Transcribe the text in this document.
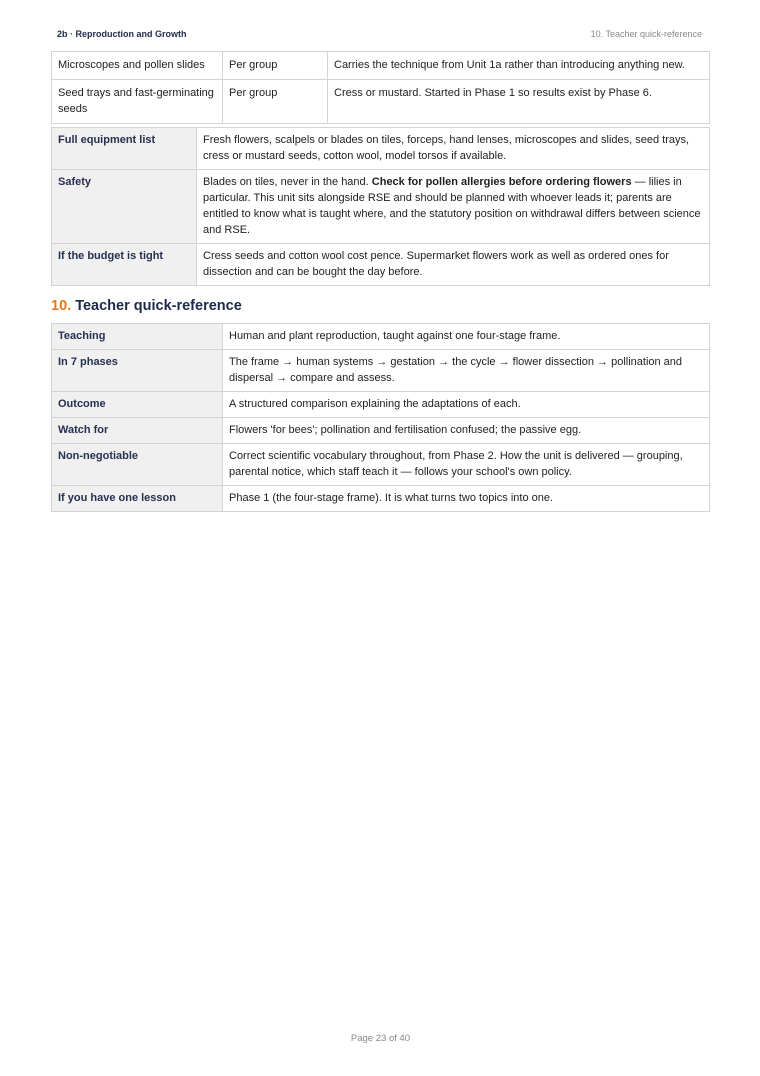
2b · Reproduction and Growth	10. Teacher quick-reference
Microscopes and pollen slides	Per group	Carries the technique from Unit 1a rather than introducing anything new.
Seed trays and fast-germinating seeds	Per group	Cress or mustard. Started in Phase 1 so results exist by Phase 6.
Full equipment list	Fresh flowers, scalpels or blades on tiles, forceps, hand lenses, microscopes and slides, seed trays, cress or mustard seeds, cotton wool, model torsos if available.
Safety	Blades on tiles, never in the hand. Check for pollen allergies before ordering flowers — lilies in particular. This unit sits alongside RSE and should be planned with whoever leads it; parents are entitled to know what is taught where, and the statutory position on withdrawal differs between science and RSE.
If the budget is tight	Cress seeds and cotton wool cost pence. Supermarket flowers work as well as ordered ones for dissection and can be bought the day before.
10. Teacher quick-reference
Teaching	Human and plant reproduction, taught against one four-stage frame.
In 7 phases	The frame → human systems → gestation → the cycle → flower dissection → pollination and dispersal → compare and assess.
Outcome	A structured comparison explaining the adaptations of each.
Watch for	Flowers 'for bees'; pollination and fertilisation confused; the passive egg.
Non-negotiable	Correct scientific vocabulary throughout, from Phase 2. How the unit is delivered — grouping, parental notice, which staff teach it — follows your school's own policy.
If you have one lesson	Phase 1 (the four-stage frame). It is what turns two topics into one.
Page 23 of 40
